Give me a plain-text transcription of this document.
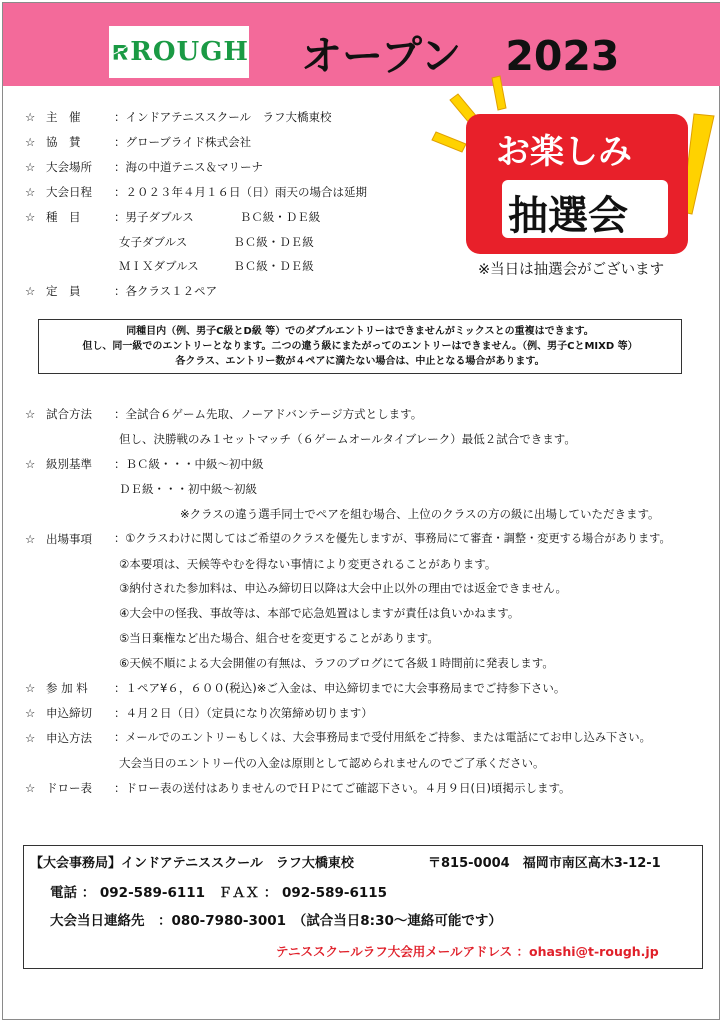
ROUGH オープン 2023
お楽しみ
抽選会
※当日は抽選会がございます
☆ 主　催	：インドアテニススクール　ラフ大橋東校
☆ 協　賛	：グローブライド株式会社
☆ 大会場所 ：海の中道テニス＆マリーナ
☆ 大会日程 ：２０２３年４月１６日（日）雨天の場合は延期
☆ 種　目	：男子ダブルス　　　　ＢＣ級・ＤＥ級
女子ダブルス　　　　ＢＣ級・ＤＥ級
ＭＩＸダブルス　　　ＢＣ級・ＤＥ級
☆ 定　員	：各クラス１２ペア
同種目内（例、男子C級とD級 等）でのダブルエントリーはできませんがミックスとの重複はできます。
但し、同一級でのエントリーとなります。二つの違う級にまたがってのエントリーはできません。（例、男子CとMIXD 等）
各クラス、エントリー数が４ペアに満たない場合は、中止となる場合があります。
☆ 試合方法 ：全試合６ゲーム先取、ノーアドバンテージ方式とします。
但し、決勝戦のみ１セットマッチ（６ゲームオールタイブレーク）最低２試合できます。
☆ 級別基準 ：ＢＣ級・・・中級～初中級
ＤＥ級・・・初中級～初級
※クラスの違う選手同士でペアを組む場合、上位のクラスの方の級に出場していただきます。
☆ 出場事項 ：①クラスわけに関してはご希望のクラスを優先しますが、事務局にて審査・調整・変更する場合があります。
②本要項は、天候等やむを得ない事情により変更されることがあります。
③納付された参加料は、申込み締切日以降は大会中止以外の理由では返金できません。
④大会中の怪我、事故等は、本部で応急処置はしますが責任は負いかねます。
⑤当日棄権など出た場合、組合せを変更することがあります。
⑥天候不順による大会開催の有無は、ラフのブログにて各級１時間前に発表します。
☆ 参 加 料 ：１ペア¥６，６００(税込)※ご入金は、申込締切までに大会事務局までご持参下さい。
☆ 申込締切 ：４月２日（日）（定員になり次第締め切ります）
☆ 申込方法 ：メールでのエントリーもしくは、大会事務局まで受付用紙をご持参、または電話にてお申し込み下さい。
大会当日のエントリー代の入金は原則として認められませんのでご了承ください。
☆ ドロー表 ：ドロー表の送付はありませんのでＨＰにてご確認下さい。４月９日(日)頃掲示します。
【大会事務局】インドアテニススクール　ラフ大橋東校	〒815-0004　福岡市南区高木3-12-1
電話 ： 092-589-6111　ＦＡＸ ： 092-589-6115
大会当日連絡先　：080-7980-3001　（試合当日8:30～連絡可能です）
テニススクールラフ大会用メールアドレス ：ohashi@t-rough.jp
